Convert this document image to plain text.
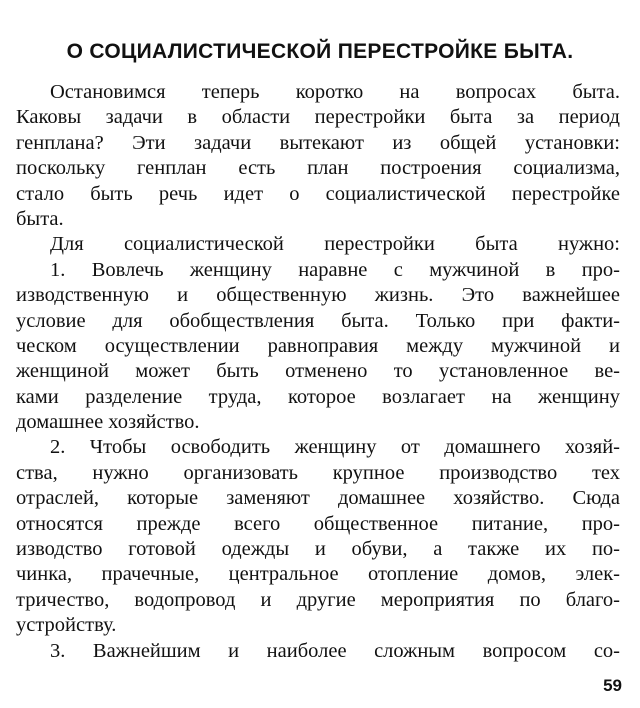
О СОЦИАЛИСТИЧЕСКОЙ ПЕРЕСТРОЙКЕ БЫТА.
Остановимся теперь коротко на вопросах быта.
Каковы задачи в области перестройки быта за период
генплана? Эти задачи вытекают из общей установки:
поскольку генплан есть план построения социализма,
стало быть речь идет о социалистической перестройке
быта.
Для социалистической перестройки быта нужно:
1. Вовлечь женщину наравне с мужчиной в про-
изводственную и общественную жизнь. Это важнейшее
условие для обобществления быта. Только при факти-
ческом осуществлении равноправия между мужчиной и
женщиной может быть отменено то установленное ве-
ками разделение труда, которое возлагает на женщину
домашнее хозяйство.
2. Чтобы освободить женщину от домашнего хозяй-
ства, нужно организовать крупное производство тех
отраслей, которые заменяют домашнее хозяйство. Сюда
относятся прежде всего общественное питание, про-
изводство готовой одежды и обуви, а также их по-
чинка, прачечные, центральное отопление домов, элек-
тричество, водопровод и другие мероприятия по благо-
устройству.
3. Важнейшим и наиболее сложным вопросом со-
59
